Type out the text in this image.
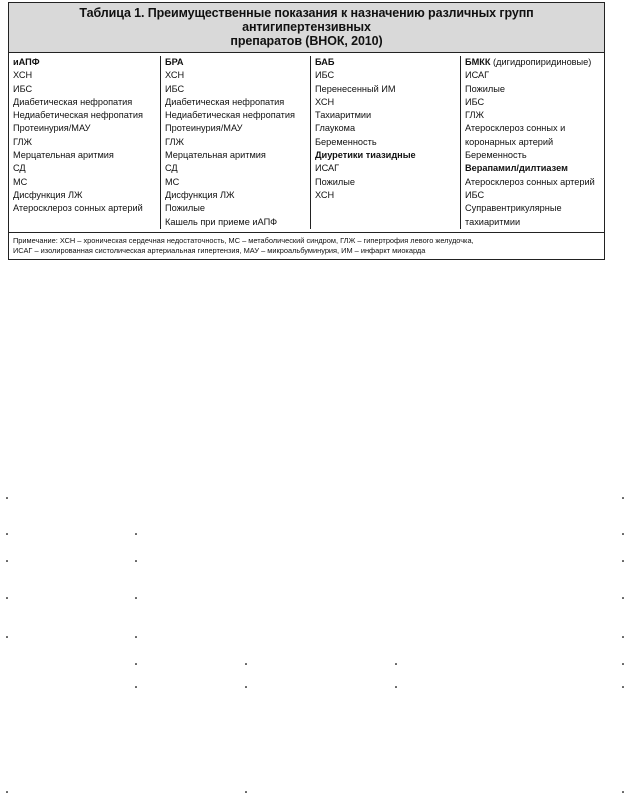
Таблица 1. Преимущественные показания к назначению различных групп антигипертензивных
препаратов (ВНОК, 2010)
иАПФ
ХСН
ИБС
Диабетическая нефропатия
Недиабетическая нефропатия
Протеинурия/МАУ
ГЛЖ
Мерцательная аритмия
СД
МС
Дисфункция ЛЖ
Атеросклероз сонных артерий
БРА
ХСН
ИБС
Диабетическая нефропатия
Недиабетическая нефропатия
Протеинурия/МАУ
ГЛЖ
Мерцательная аритмия
СД
МС
Дисфункция ЛЖ
Пожилые
Кашель при приеме иАПФ
БАБ
ИБС
Перенесенный ИМ
ХСН
Тахиаритмии
Глаукома
Беременность
Диуретики тиазидные
ИСАГ
Пожилые
ХСН
БМКК (дигидропиридиновые)
ИСАГ
Пожилые
ИБС
ГЛЖ
Атеросклероз сонных и
коронарных артерий
Беременность
Верапамил/дилтиазем
Атеросклероз сонных артерий
ИБС
Суправентрикулярные
тахиаритмии
Примечание: ХСН – хроническая сердечная недостаточность, МС – метаболический синдром, ГЛЖ – гипертрофия левого желудочка,
ИСАГ – изолированная систолическая артериальная гипертензия, МАУ – микроальбуминурия, ИМ – инфаркт миокарда
